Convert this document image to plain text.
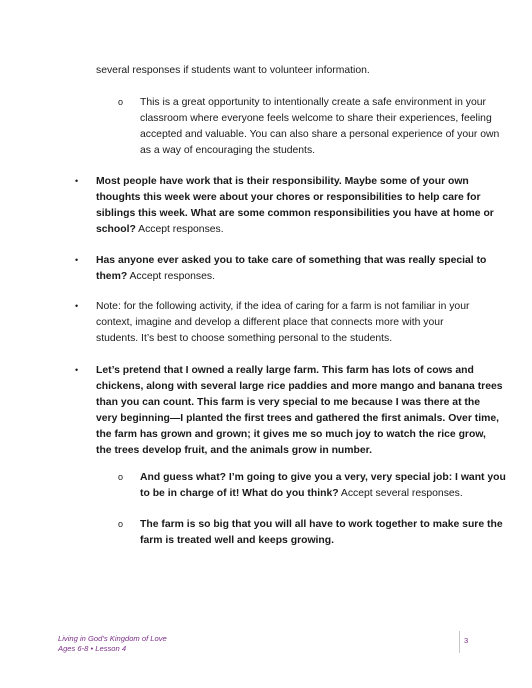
several responses if students want to volunteer information.
o This is a great opportunity to intentionally create a safe environment in your
classroom where everyone feels welcome to share their experiences, feeling
accepted and valuable. You can also share a personal experience of your own
as a way of encouraging the students.
• Most people have work that is their responsibility. Maybe some of your own
thoughts this week were about your chores or responsibilities to help care for
siblings this week. What are some common responsibilities you have at home or
school? Accept responses.
• Has anyone ever asked you to take care of something that was really special to
them? Accept responses.
• Note: for the following activity, if the idea of caring for a farm is not familiar in your
context, imagine and develop a different place that connects more with your
students. It’s best to choose something personal to the students.
• Let’s pretend that I owned a really large farm. This farm has lots of cows and
chickens, along with several large rice paddies and more mango and banana trees
than you can count. This farm is very special to me because I was there at the
very beginning—I planted the first trees and gathered the first animals. Over time,
the farm has grown and grown; it gives me so much joy to watch the rice grow,
the trees develop fruit, and the animals grow in number.
o And guess what? I’m going to give you a very, very special job: I want you
to be in charge of it! What do you think? Accept several responses.
o The farm is so big that you will all have to work together to make sure the
farm is treated well and keeps growing.
Living in God’s Kingdom of Love
Ages 6-8 • Lesson 4
3
